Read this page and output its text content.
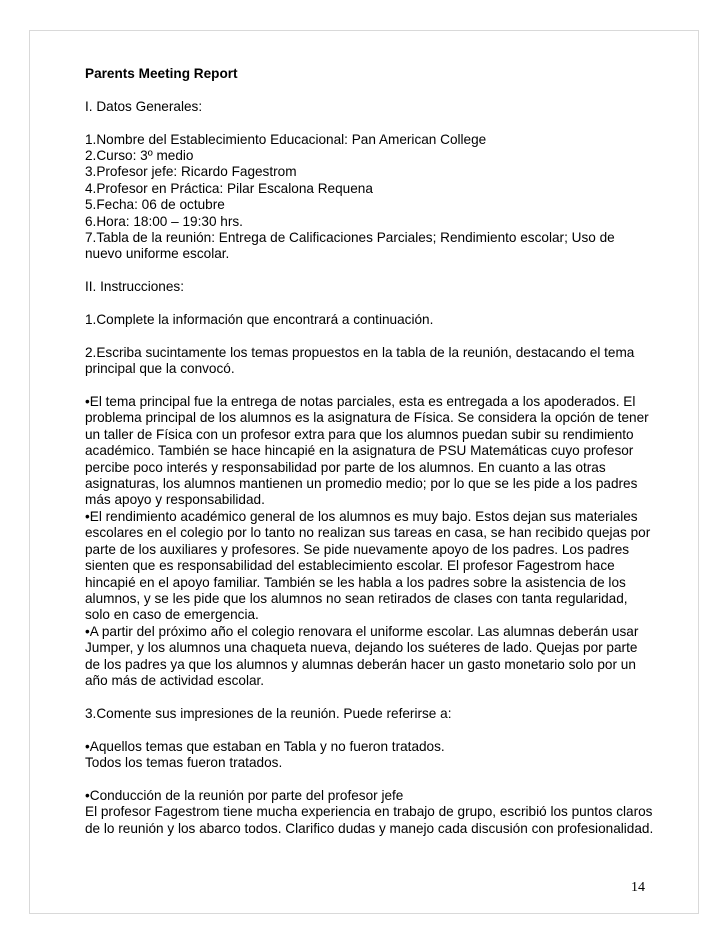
Parents Meeting Report

I. Datos Generales:

1.Nombre del Establecimiento Educacional: Pan American College
2.Curso: 3º medio
3.Profesor jefe: Ricardo Fagestrom
4.Profesor en Práctica: Pilar Escalona Requena
5.Fecha: 06 de octubre
6.Hora: 18:00 – 19:30 hrs.
7.Tabla de la reunión: Entrega de Calificaciones Parciales; Rendimiento escolar; Uso de nuevo uniforme escolar.

II. Instrucciones:

1.Complete la información que encontrará a continuación.

2.Escriba sucintamente los temas propuestos en la tabla de la reunión, destacando el tema principal que la convocó.

•El tema principal fue la entrega de notas parciales, esta es entregada a los apoderados. El problema principal de los alumnos es la asignatura de Física. Se considera la opción de tener un taller de Física con un profesor extra para que los alumnos puedan subir su rendimiento académico. También se hace hincapié en la asignatura de PSU Matemáticas cuyo profesor percibe poco interés y responsabilidad por parte de los alumnos. En cuanto a las otras asignaturas, los alumnos mantienen un promedio medio; por lo que se les pide a los padres más apoyo y responsabilidad.
•El rendimiento académico general de los alumnos es muy bajo. Estos dejan sus materiales escolares en el colegio por lo tanto no realizan sus tareas en casa, se han recibido quejas por parte de los auxiliares y profesores. Se pide nuevamente apoyo de los padres. Los padres sienten que es responsabilidad del establecimiento escolar. El profesor Fagestrom hace hincapié en el apoyo familiar. También se les habla a los padres sobre la asistencia de los alumnos, y se les pide que los alumnos no sean retirados de clases con tanta regularidad, solo en caso de emergencia.
•A partir del próximo año el colegio renovara el uniforme escolar. Las alumnas deberán usar Jumper, y los alumnos una chaqueta nueva, dejando los suéteres de lado. Quejas por parte de los padres ya que los alumnos y alumnas deberán hacer un gasto monetario solo por un año más de actividad escolar.

3.Comente sus impresiones de la reunión. Puede referirse a:

•Aquellos temas que estaban en Tabla y no fueron tratados.
Todos los temas fueron tratados.

•Conducción de la reunión por parte del profesor jefe
El profesor Fagestrom tiene mucha experiencia en trabajo de grupo, escribió los puntos claros de lo reunión y los abarco todos. Clarifico dudas y manejo cada discusión con profesionalidad.

14
